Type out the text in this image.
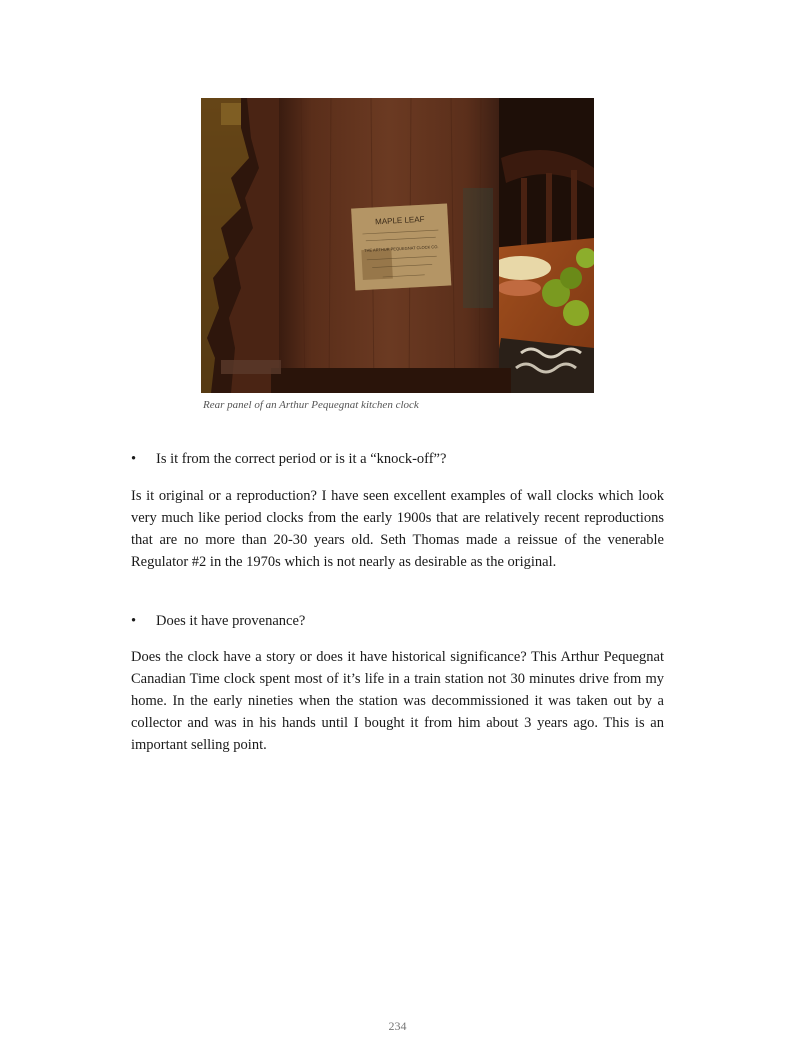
MAPLE LEAF
THE ARTHUR PEQUEGNAT CLOCK CO.
Rear panel of an Arthur Pequegnat kitchen clock
• Is it from the correct period or is it a “knock-off”?

Is it original or a reproduction? I have seen excellent examples of wall clocks which look very much like period clocks from the early 1900s that are relatively recent reproductions that are no more than 20-30 years old. Seth Thomas made a reissue of the venerable Regulator #2 in the 1970s which is not nearly as desirable as the original.

• Does it have provenance?

Does the clock have a story or does it have historical significance? This Arthur Pequegnat Canadian Time clock spent most of it’s life in a train station not 30 minutes drive from my home. In the early nineties when the station was decommissioned it was taken out by a collector and was in his hands until I bought it from him about 3 years ago. This is an important selling point.

234
